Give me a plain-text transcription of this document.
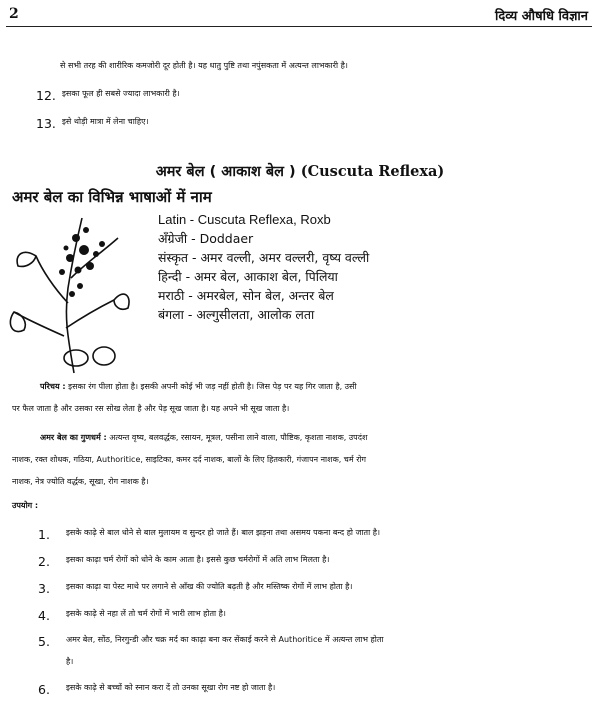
2	दिव्य औषधि विज्ञान
से सभी तरह की शारीरिक कमजोरी दूर होती है। यह धातु पुष्टि तथा नपुंसकता में अत्यन्त लाभकारी है।
12. इसका फूल ही सबसे ज्यादा लाभकारी है।
13. इसे थोड़ी मात्रा में लेना चाहिए।
अमर बेल ( आकाश बेल ) (Cuscuta Reflexa)
अमर बेल का विभिन्न भाषाओं में नाम
Latin - Cuscuta Reflexa, Roxb
अँग्रेजी - Doddaer
संस्कृत - अमर वल्ली, अमर वल्लरी, वृष्य वल्ली
हिन्दी - अमर बेल, आकाश बेल, पिलिया
मराठी - अमरबेल, सोन बेल, अन्तर बेल
बंगला - अल्गुसीलता, आलोक लता
परिचय : इसका रंग पीला होता है। इसकी अपनी कोई भी जड़ नहीं होती है। जिस पेड़ पर यह गिर जाता है, उसी
पर फैल जाता है और उसका रस सोख लेता है और पेड़ सूख जाता है। यह अपने भी सूख जाता है।
अमर बेल का गुणधर्म : अत्यन्त वृष्य, बलवर्द्धक, रसायन, मूत्रल, पसीना लाने वाला, पौष्टिक, कृशता नाशक, उपदंश
नाशक, रक्त शोधक, गठिया, Authoritice, साइटिका, कमर दर्द नाशक, बालों के लिए हितकारी, गंजापन नाशक, चर्म रोग
नाशक, नेत्र ज्योति वर्द्धक, सूखा, रोग नाशक है।
उपयोग :
1. इसके काढ़े से बाल धोने से बाल मुलायम व सुन्दर हो जाते हैं। बाल झड़ना तथा असमय पकना बन्द हो जाता है।
2. इसका काढ़ा चर्म रोगों को धोने के काम आता है। इससे कुछ चर्मरोगों में अति लाभ मिलता है।
3. इसका काढ़ा या पेस्ट माथे पर लगाने से आँख की ज्योति बढ़ती है और मस्तिष्क रोगों में लाभ होता है।
4. इसके काढ़े से नहा लें तो चर्म रोगों में भारी लाभ होता है।
5. अमर बेल, सोंठ, निरगुन्डी और चक्र मर्द का काढ़ा बना कर सेंकाई करने से Authoritice में अत्यन्त लाभ होता
है।
6. इसके काढ़े से बच्चों को स्नान करा दें तो उनका सूखा रोग नष्ट हो जाता है।
